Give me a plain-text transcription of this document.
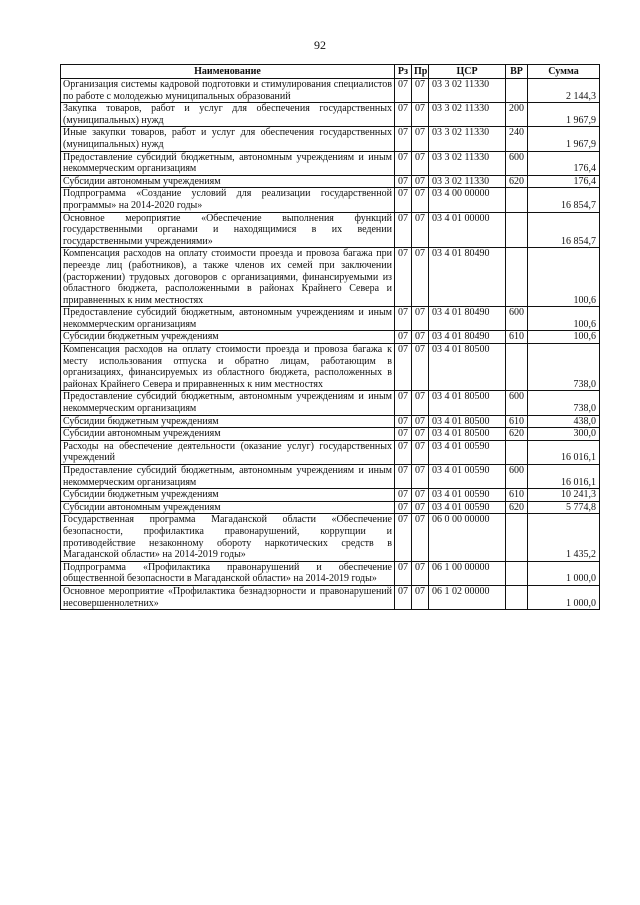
92
Наименование	Рз	Пр	ЦСР	ВР	Сумма
Организация системы кадровой подготовки и стимулирования специалистов по работе с молодежью муниципальных образований	07	07	03 3 02 11330		2 144,3
Закупка товаров, работ и услуг для обеспечения государственных (муниципальных) нужд	07	07	03 3 02 11330	200	1 967,9
Иные закупки товаров, работ и услуг для обеспечения государственных (муниципальных) нужд	07	07	03 3 02 11330	240	1 967,9
Предоставление субсидий бюджетным, автономным учреждениям и иным некоммерческим организациям	07	07	03 3 02 11330	600	176,4
Субсидии автономным учреждениям	07	07	03 3 02 11330	620	176,4
Подпрограмма «Создание условий для реализации государственной программы» на 2014-2020 годы»	07	07	03 4 00 00000		16 854,7
Основное мероприятие «Обеспечение выполнения функций государственными органами и находящимися в их ведении государственными учреждениями»	07	07	03 4 01 00000		16 854,7
Компенсация расходов на оплату стоимости проезда и провоза багажа при переезде лиц (работников), а также членов их семей при заключении (расторжении) трудовых договоров с организациями, финансируемыми из областного бюджета, расположенными в районах Крайнего Севера и приравненных к ним местностях	07	07	03 4 01 80490		100,6
Предоставление субсидий бюджетным, автономным учреждениям и иным некоммерческим организациям	07	07	03 4 01 80490	600	100,6
Субсидии бюджетным учреждениям	07	07	03 4 01 80490	610	100,6
Компенсация расходов на оплату стоимости проезда и провоза багажа к месту использования отпуска и обратно лицам, работающим в организациях, финансируемых из областного бюджета, расположенных в районах Крайнего Севера и приравненных к ним местностях	07	07	03 4 01 80500		738,0
Предоставление субсидий бюджетным, автономным учреждениям и иным некоммерческим организациям	07	07	03 4 01 80500	600	738,0
Субсидии бюджетным учреждениям	07	07	03 4 01 80500	610	438,0
Субсидии автономным учреждениям	07	07	03 4 01 80500	620	300,0
Расходы на обеспечение деятельности (оказание услуг) государственных учреждений	07	07	03 4 01 00590		16 016,1
Предоставление субсидий бюджетным, автономным учреждениям и иным некоммерческим организациям	07	07	03 4 01 00590	600	16 016,1
Субсидии бюджетным учреждениям	07	07	03 4 01 00590	610	10 241,3
Субсидии автономным учреждениям	07	07	03 4 01 00590	620	5 774,8
Государственная программа Магаданской области «Обеспечение безопасности, профилактика правонарушений, коррупции и противодействие незаконному обороту наркотических средств в Магаданской области» на 2014-2019 годы»	07	07	06 0 00 00000		1 435,2
Подпрограмма «Профилактика правонарушений и обеспечение общественной безопасности в Магаданской области» на 2014-2019 годы»	07	07	06 1 00 00000		1 000,0
Основное мероприятие «Профилактика безнадзорности и правонарушений несовершеннолетних»	07	07	06 1 02 00000		1 000,0
